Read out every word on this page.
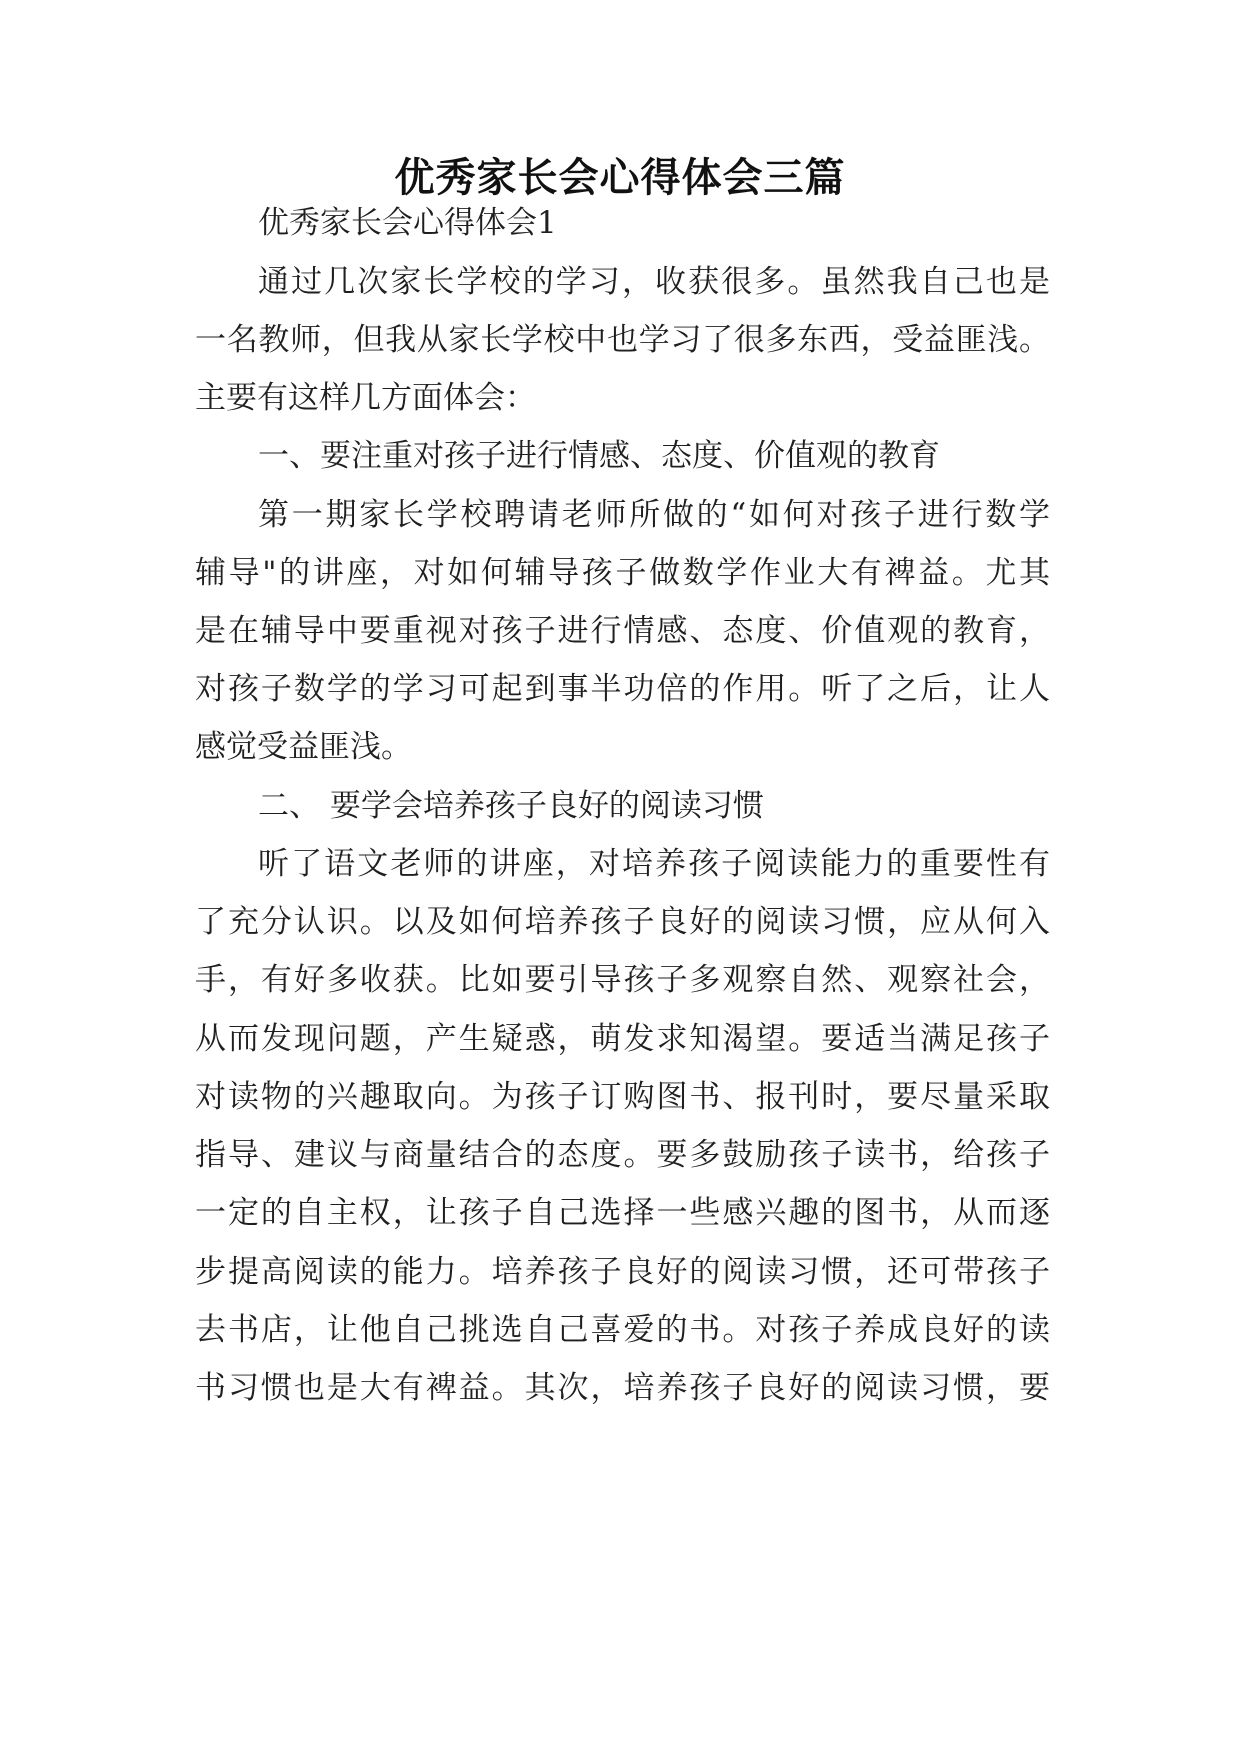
优秀家长会心得体会三篇
优秀家长会心得体会1
通过几次家长学校的学习，收获很多。虽然我自己也是
一名教师，但我从家长学校中也学习了很多东西，受益匪浅。
主要有这样几方面体会：
一、要注重对孩子进行情感、态度、价值观的教育
第一期家长学校聘请老师所做的“如何对孩子进行数学
辅导"的讲座，对如何辅导孩子做数学作业大有裨益。尤其
是在辅导中要重视对孩子进行情感、态度、价值观的教育，
对孩子数学的学习可起到事半功倍的作用。听了之后，让人
感觉受益匪浅。
二、 要学会培养孩子良好的阅读习惯
听了语文老师的讲座，对培养孩子阅读能力的重要性有
了充分认识。以及如何培养孩子良好的阅读习惯，应从何入
手，有好多收获。比如要引导孩子多观察自然、观察社会，
从而发现问题，产生疑惑，萌发求知渴望。要适当满足孩子
对读物的兴趣取向。为孩子订购图书、报刊时，要尽量采取
指导、建议与商量结合的态度。要多鼓励孩子读书，给孩子
一定的自主权，让孩子自己选择一些感兴趣的图书，从而逐
步提高阅读的能力。培养孩子良好的阅读习惯，还可带孩子
去书店，让他自己挑选自己喜爱的书。对孩子养成良好的读
书习惯也是大有裨益。其次，培养孩子良好的阅读习惯，要
